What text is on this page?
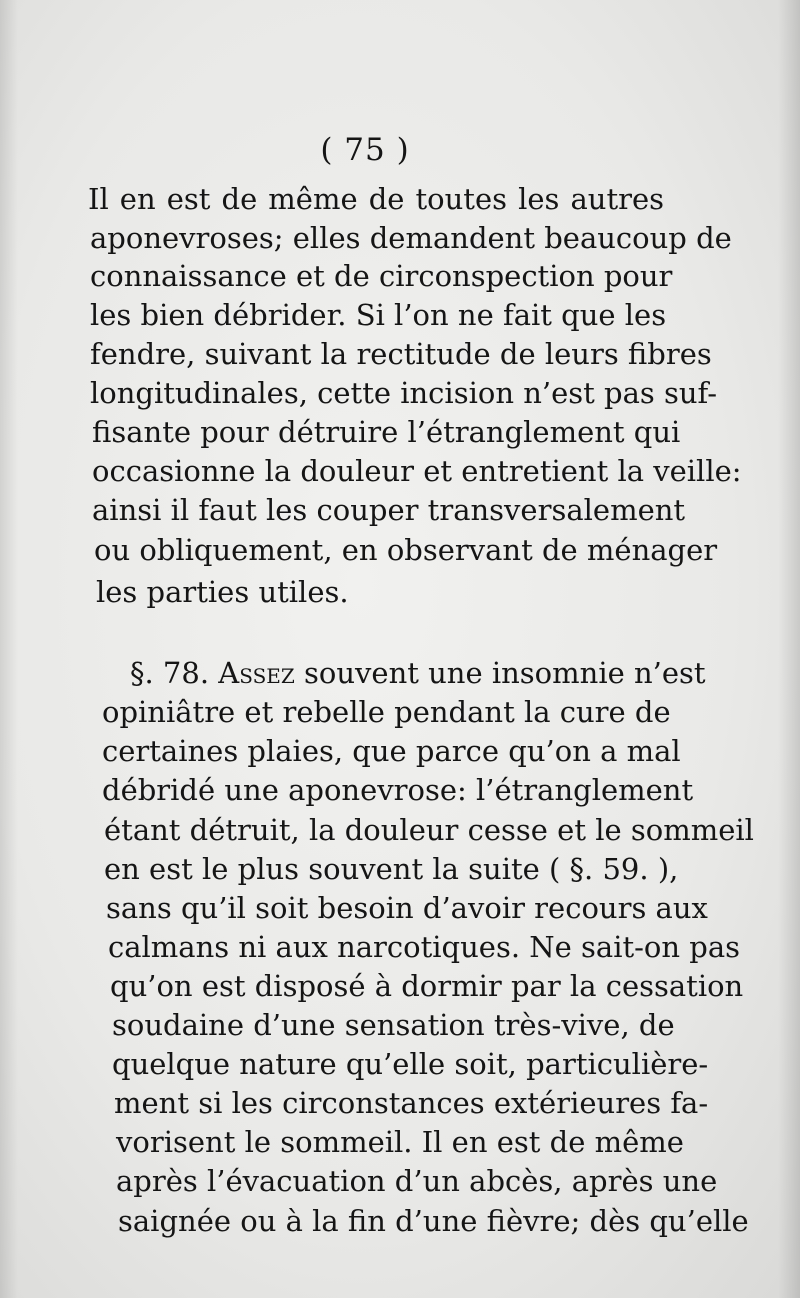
( 75 )
Il en est de même de toutes les autres
aponevroses; elles demandent beaucoup de
connaissance et de circonspection pour
les bien débrider. Si l’on ne fait que les
fendre, suivant la rectitude de leurs fibres
longitudinales, cette incision n’est pas suf-
fisante pour détruire l’étranglement qui
occasionne la douleur et entretient la veille:
ainsi il faut les couper transversalement
ou obliquement, en observant de ménager
les parties utiles.
§. 78. Assez souvent une insomnie n’est
opiniâtre et rebelle pendant la cure de
certaines plaies, que parce qu’on a mal
débridé une aponevrose: l’étranglement
étant détruit, la douleur cesse et le sommeil
en est le plus souvent la suite ( §. 59. ),
sans qu’il soit besoin d’avoir recours aux
calmans ni aux narcotiques. Ne sait-on pas
qu’on est disposé à dormir par la cessation
soudaine d’une sensation très-vive, de
quelque nature qu’elle soit, particulière-
ment si les circonstances extérieures fa-
vorisent le sommeil. Il en est de même
après l’évacuation d’un abcès, après une
saignée ou à la fin d’une fièvre; dès qu’elle
